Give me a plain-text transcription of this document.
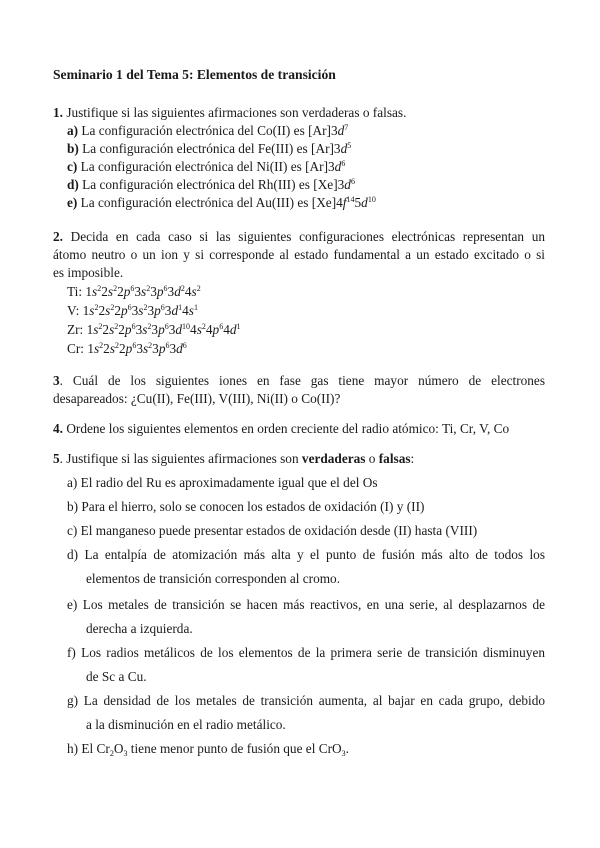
Seminario 1 del Tema 5: Elementos de transición
1. Justifique si las siguientes afirmaciones son verdaderas o falsas.
a) La configuración electrónica del Co(II) es $[Ar]3d^7$
b) La configuración electrónica del Fe(III) es $[Ar]3d^5$
c) La configuración electrónica del Ni(II) es $[Ar]3d^6$
d) La configuración electrónica del Rh(III) es $[Xe]3d^6$
e) La configuración electrónica del Au(III) es $[Xe]4f^{14}5d^{10}$
2. Decida en cada caso si las siguientes configuraciones electrónicas representan un
átomo neutro o un ion y si corresponde al estado fundamental a un estado excitado o si
es imposible.
Ti: $1s^22s^22p^63s^23p^63d^24s^2$
V: $1s^22s^22p^63s^23p^63d^14s^1$
Zr: $1s^22s^22p^63s^23p^63d^{10}4s^24p^64d^1$
Cr: $1s^22s^22p^63s^23p^63d^6$
3. Cuál de los siguientes iones en fase gas tiene mayor número de electrones
desapareados: ¿Cu(II), Fe(III), V(III), Ni(II) o Co(II)?
4. Ordene los siguientes elementos en orden creciente del radio atómico: Ti, Cr, V, Co
5. Justifique si las siguientes afirmaciones son verdaderas o falsas:
a) El radio del Ru es aproximadamente igual que el del Os
b) Para el hierro, solo se conocen los estados de oxidación (I) y (II)
c) El manganeso puede presentar estados de oxidación desde (II) hasta (VIII)
d) La entalpía de atomización más alta y el punto de fusión más alto de todos los
elementos de transición corresponden al cromo.
e) Los metales de transición se hacen más reactivos, en una serie, al desplazarnos de
derecha a izquierda.
f) Los radios metálicos de los elementos de la primera serie de transición disminuyen
de Sc a Cu.
g) La densidad de los metales de transición aumenta, al bajar en cada grupo, debido
a la disminución en el radio metálico.
h) El $Cr_2O_3$ tiene menor punto de fusión que el CrO$_3$.
